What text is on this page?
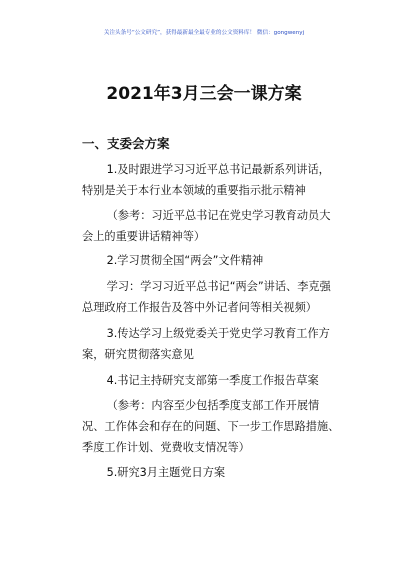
关注头条号“公文研究”，获得最新最全最专业的公文资料库！ 微信：gongwenyj
2021年3月三会一课方案
一、支委会方案

1.及时跟进学习习近平总书记最新系列讲话，特别是关于本行业本领域的重要指示批示精神

（参考：习近平总书记在党史学习教育动员大会上的重要讲话精神等）

2.学习贯彻全国“两会”文件精神

学习：学习习近平总书记“两会”讲话、李克强总理政府工作报告及答中外记者问等相关视频）

3.传达学习上级党委关于党史学习教育工作方案，研究贯彻落实意见

4.书记主持研究支部第一季度工作报告草案

（参考：内容至少包括季度支部工作开展情况、工作体会和存在的问题、下一步工作思路措施、季度工作计划、党费收支情况等）

5.研究3月主题党日方案
